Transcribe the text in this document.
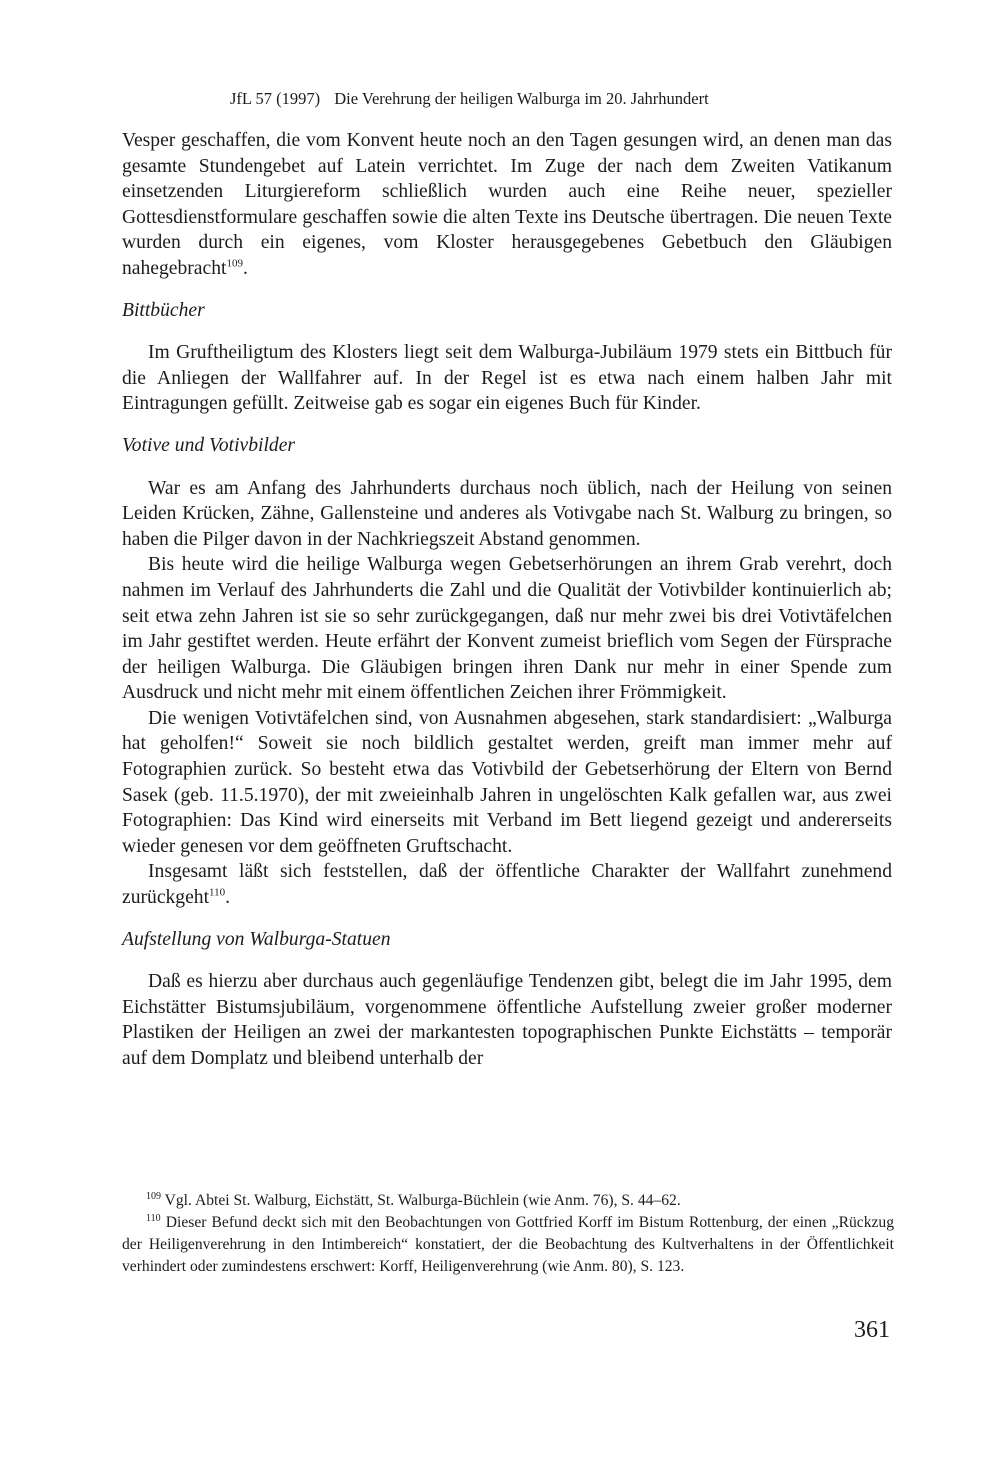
JfL 57 (1997) Die Verehrung der heiligen Walburga im 20. Jahrhundert

Vesper geschaffen, die vom Konvent heute noch an den Tagen gesungen wird, an denen man das gesamte Stundengebet auf Latein verrichtet. Im Zuge der nach dem Zweiten Vatikanum einsetzenden Liturgiereform schließlich wurden auch eine Reihe neuer, spezieller Gottesdienstformulare geschaffen sowie die alten Texte ins Deutsche übertragen. Die neuen Texte wurden durch ein eigenes, vom Kloster herausgegebenes Gebetbuch den Gläubigen nahegebracht$^{109}$.

Bittbücher

Im Gruftheiligtum des Klosters liegt seit dem Walburga-Jubiläum 1979 stets ein Bittbuch für die Anliegen der Wallfahrer auf. In der Regel ist es etwa nach einem halben Jahr mit Eintragungen gefüllt. Zeitweise gab es sogar ein eigenes Buch für Kinder.

Votive und Votivbilder

War es am Anfang des Jahrhunderts durchaus noch üblich, nach der Heilung von seinen Leiden Krücken, Zähne, Gallensteine und anderes als Votivgabe nach St. Walburg zu bringen, so haben die Pilger davon in der Nachkriegszeit Abstand genommen.

Bis heute wird die heilige Walburga wegen Gebetserhörungen an ihrem Grab verehrt, doch nahmen im Verlauf des Jahrhunderts die Zahl und die Qualität der Votivbilder kontinuierlich ab; seit etwa zehn Jahren ist sie so sehr zurückgegangen, daß nur mehr zwei bis drei Votivtäfelchen im Jahr gestiftet werden. Heute erfährt der Konvent zumeist brieflich vom Segen der Fürsprache der heiligen Walburga. Die Gläubigen bringen ihren Dank nur mehr in einer Spende zum Ausdruck und nicht mehr mit einem öffentlichen Zeichen ihrer Frömmigkeit.

Die wenigen Votivtäfelchen sind, von Ausnahmen abgesehen, stark standardisiert: „Walburga hat geholfen!“ Soweit sie noch bildlich gestaltet werden, greift man immer mehr auf Fotographien zurück. So besteht etwa das Votivbild der Gebetserhörung der Eltern von Bernd Sasek (geb. 11.5.1970), der mit zweieinhalb Jahren in ungelöschten Kalk gefallen war, aus zwei Fotographien: Das Kind wird einerseits mit Verband im Bett liegend gezeigt und andererseits wieder genesen vor dem geöffneten Gruftschacht.

Insgesamt läßt sich feststellen, daß der öffentliche Charakter der Wallfahrt zunehmend zurückgeht$^{110}$.

Aufstellung von Walburga-Statuen

Daß es hierzu aber durchaus auch gegenläufige Tendenzen gibt, belegt die im Jahr 1995, dem Eichstätter Bistumsjubiläum, vorgenommene öffentliche Aufstellung zweier großer moderner Plastiken der Heiligen an zwei der markantesten topographischen Punkte Eichstätts – temporär auf dem Domplatz und bleibend unterhalb der

$^{109}$ Vgl. Abtei St. Walburg, Eichstätt, St. Walburga-Büchlein (wie Anm. 76), S. 44–62.

$^{110}$ Dieser Befund deckt sich mit den Beobachtungen von Gottfried Korff im Bistum Rottenburg, der einen „Rückzug der Heiligenverehrung in den Intimbereich“ konstatiert, der die Beobachtung des Kultverhaltens in der Öffentlichkeit verhindert oder zumindestens erschwert: Korff, Heiligenverehrung (wie Anm. 80), S. 123.

361
